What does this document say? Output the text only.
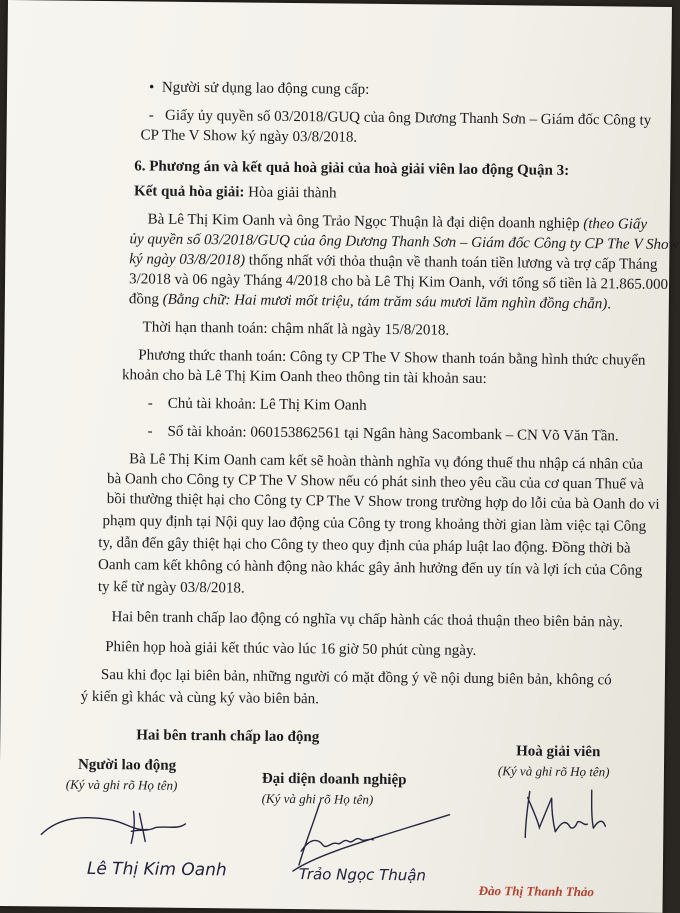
•  Người sử dụng lao động cung cấp:
- Giấy ủy quyền số 03/2018/GUQ của ông Dương Thanh Sơn – Giám đốc Công ty
CP The V Show ký ngày 03/8/2018.
6. Phương án và kết quả hoà giải của hoà giải viên lao động Quận 3:
Kết quả hòa giải: Hòa giải thành
Bà Lê Thị Kim Oanh và ông Trảo Ngọc Thuận là đại diện doanh nghiệp (theo Giấy
ủy quyền số 03/2018/GUQ của ông Dương Thanh Sơn – Giám đốc Công ty CP The V Show
ký ngày 03/8/2018) thống nhất với thỏa thuận về thanh toán tiền lương và trợ cấp Tháng
3/2018 và 06 ngày Tháng 4/2018 cho bà Lê Thị Kim Oanh, với tổng số tiền là 21.865.000
đồng (Bằng chữ: Hai mươi mốt triệu, tám trăm sáu mươi lăm nghìn đồng chẵn).
Thời hạn thanh toán: chậm nhất là ngày 15/8/2018.
Phương thức thanh toán: Công ty CP The V Show thanh toán bằng hình thức chuyển
khoản cho bà Lê Thị Kim Oanh theo thông tin tài khoản sau:
- Chủ tài khoản: Lê Thị Kim Oanh
- Số tài khoản: 060153862561 tại Ngân hàng Sacombank – CN Võ Văn Tần.
Bà Lê Thị Kim Oanh cam kết sẽ hoàn thành nghĩa vụ đóng thuế thu nhập cá nhân của
bà Oanh cho Công ty CP The V Show nếu có phát sinh theo yêu cầu của cơ quan Thuế và
bồi thường thiệt hại cho Công ty CP The V Show trong trường hợp do lỗi của bà Oanh do vi
phạm quy định tại Nội quy lao động của Công ty trong khoảng thời gian làm việc tại Công
ty, dẫn đến gây thiệt hại cho Công ty theo quy định của pháp luật lao động. Đồng thời bà
Oanh cam kết không có hành động nào khác gây ảnh hưởng đến uy tín và lợi ích của Công
ty kể từ ngày 03/8/2018.
Hai bên tranh chấp lao động có nghĩa vụ chấp hành các thoả thuận theo biên bản này.
Phiên họp hoà giải kết thúc vào lúc 16 giờ 50 phút cùng ngày.
Sau khi đọc lại biên bản, những người có mặt đồng ý về nội dung biên bản, không có
ý kiến gì khác và cùng ký vào biên bản.
Hai bên tranh chấp lao động
Người lao động
(Ký và ghi rõ Họ tên)	Đại diện doanh nghiệp
(Ký và ghi rõ Họ tên)
Hoà giải viên
(Ký và ghi rõ Họ tên)
Lê Thị Kim Oanh	Trảo Ngọc Thuận
Đào Thị Thanh Thảo
